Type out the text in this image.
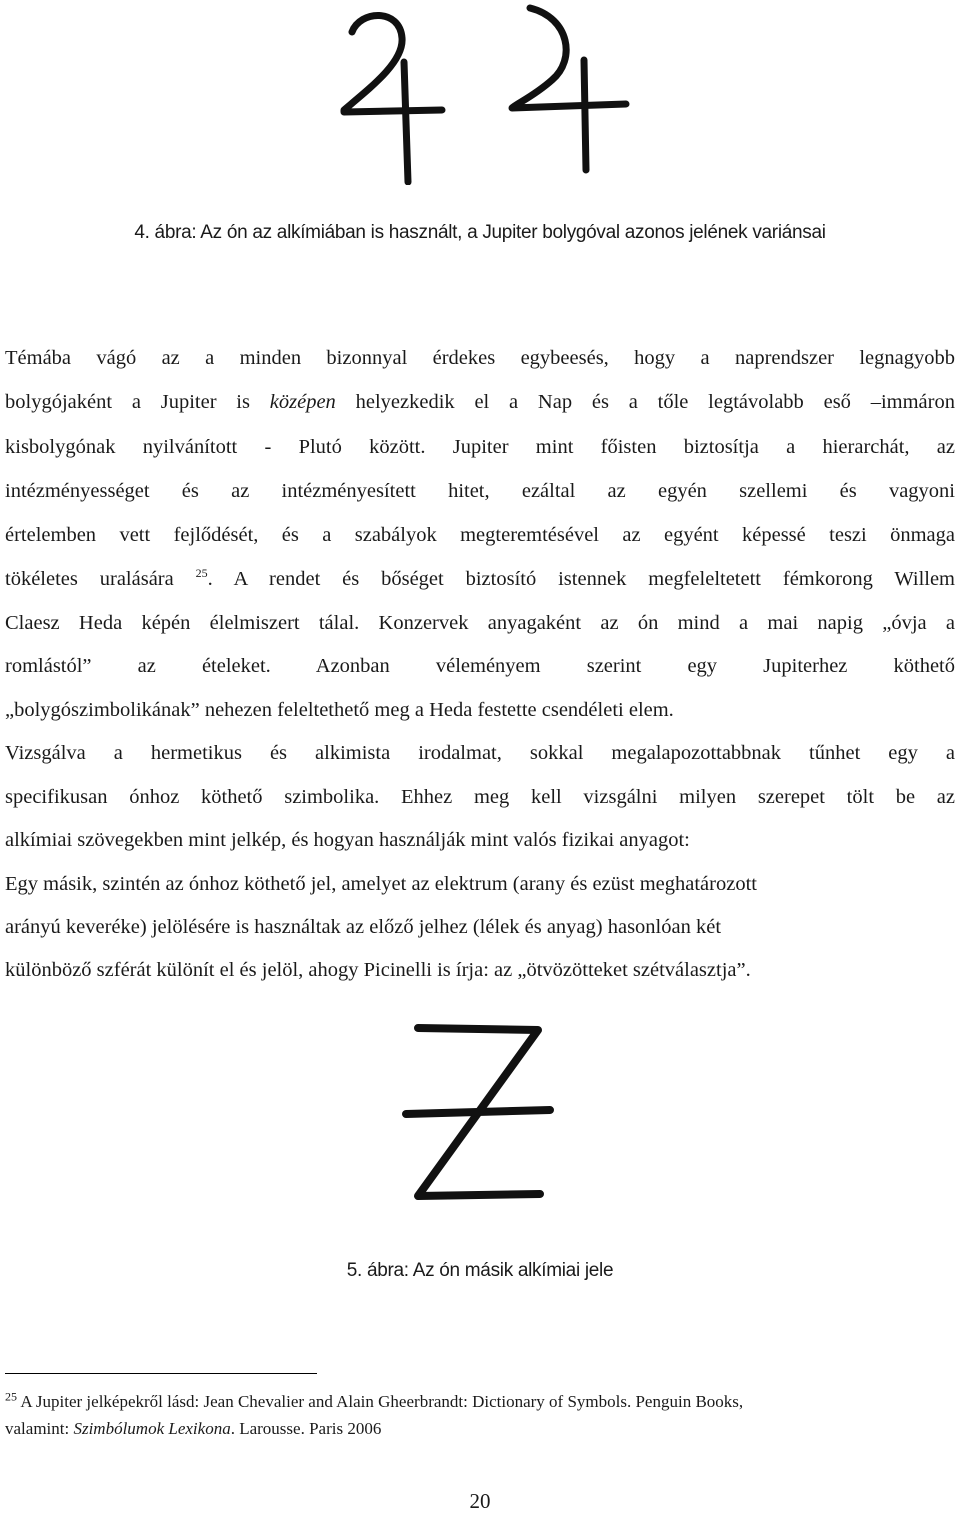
4. ábra: Az ón az alkímiában is használt, a Jupiter bolygóval azonos jelének variánsai
Témába vágó az a minden bizonnyal érdekes egybeesés, hogy a naprendszer legnagyobb
bolygójaként a Jupiter is középen helyezkedik el a Nap és a tőle legtávolabb eső –immáron
kisbolygónak nyilvánított - Plutó között. Jupiter mint főisten biztosítja a hierarchát, az
intézményességet és az intézményesített hitet, ezáltal az egyén szellemi és vagyoni
értelemben vett fejlődését, és a szabályok megteremtésével az egyént képessé teszi önmaga
tökéletes uralására $^{25}$. A rendet és bőséget biztosító istennek megfeleltetett fémkorong Willem
Claesz Heda képén élelmiszert tálal. Konzervek anyagaként az ón mind a mai napig „óvja a
romlástól” az ételeket. Azonban véleményem szerint egy Jupiterhez köthető
„bolygószimbolikának” nehezen feleltethető meg a Heda festette csendéleti elem.
Vizsgálva a hermetikus és alkimista irodalmat, sokkal megalapozottabbnak tűnhet egy a
specifikusan ónhoz köthető szimbolika. Ehhez meg kell vizsgálni milyen szerepet tölt be az
alkímiai szövegekben mint jelkép, és hogyan használják mint valós fizikai anyagot:
Egy másik, szintén az ónhoz köthető jel, amelyet az elektrum (arany és ezüst meghatározott
arányú keveréke) jelölésére is használtak az előző jelhez (lélek és anyag) hasonlóan két
különböző szférát különít el és jelöl, ahogy Picinelli is írja: az „ötvözötteket szétválasztja”.
5. ábra: Az ón másik alkímiai jele
$^{25}$ A Jupiter jelképekről lásd: Jean Chevalier and Alain Gheerbrandt: Dictionary of Symbols. Penguin Books,
valamint: Szimbólumok Lexikona. Larousse. Paris 2006
20
